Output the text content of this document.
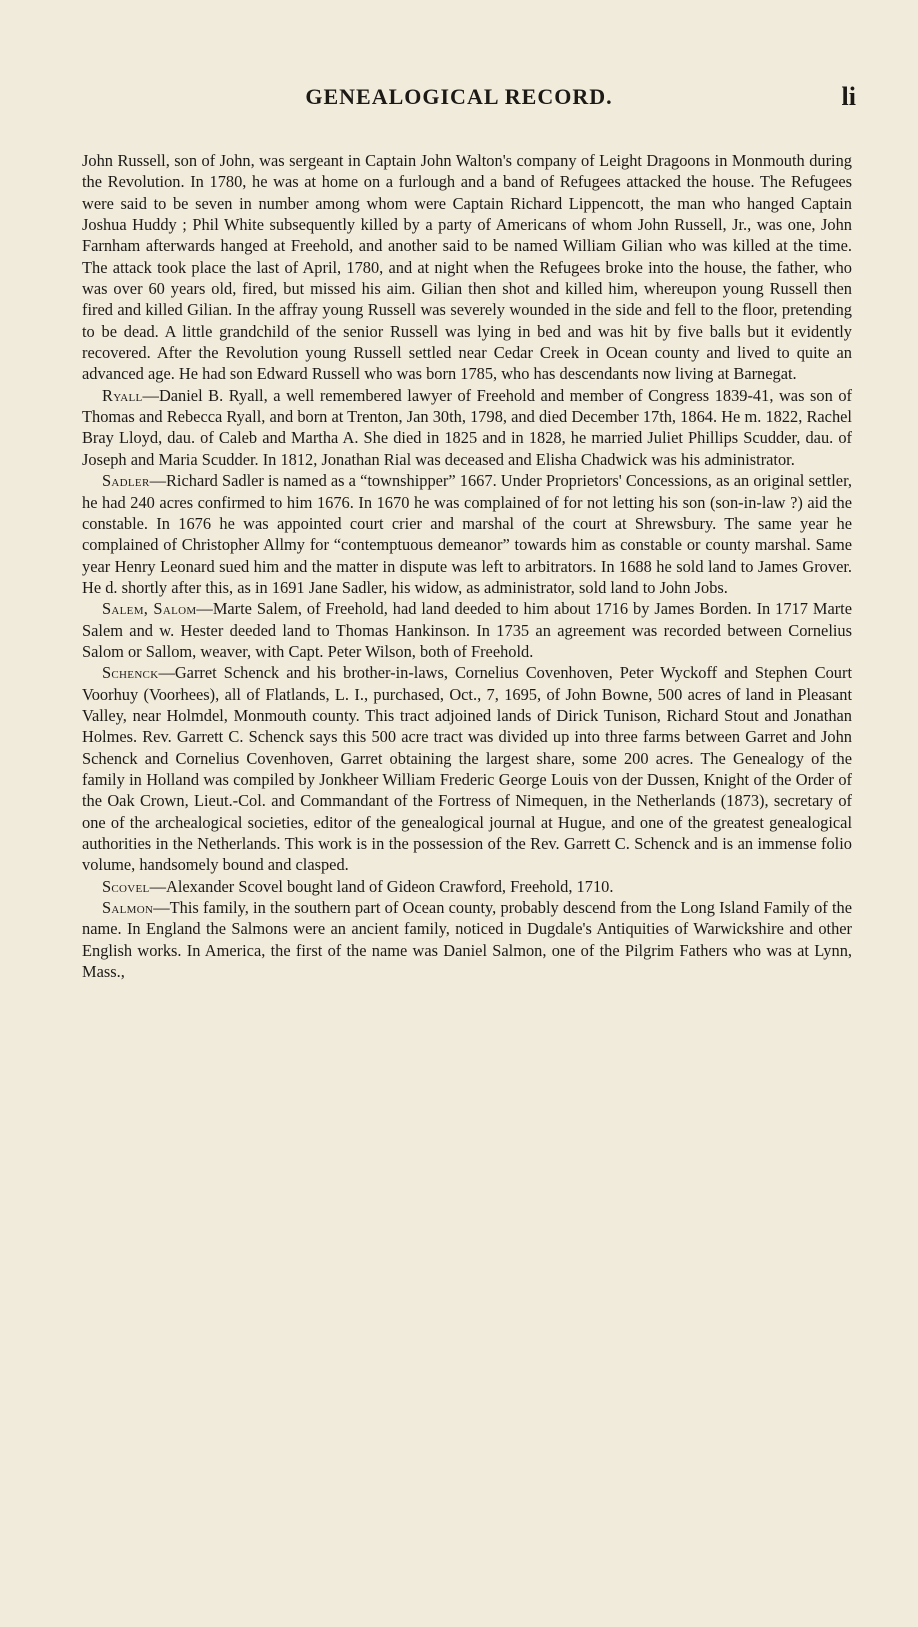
GENEALOGICAL RECORD.	li

John Russell, son of John, was sergeant in Captain John Walton's company of Leight Dragoons in Monmouth during the Revolution. In 1780, he was at home on a furlough and a band of Refugees attacked the house. The Refugees were said to be seven in number among whom were Captain Richard Lippencott, the man who hanged Captain Joshua Huddy ; Phil White subsequently killed by a party of Americans of whom John Russell, Jr., was one, John Farnham afterwards hanged at Freehold, and another said to be named William Gilian who was killed at the time. The attack took place the last of April, 1780, and at night when the Refugees broke into the house, the father, who was over 60 years old, fired, but missed his aim. Gilian then shot and killed him, whereupon young Russell then fired and killed Gilian. In the affray young Russell was severely wounded in the side and fell to the floor, pretending to be dead. A little grandchild of the senior Russell was lying in bed and was hit by five balls but it evidently recovered. After the Revolution young Russell settled near Cedar Creek in Ocean county and lived to quite an advanced age. He had son Edward Russell who was born 1785, who has descendants now living at Barnegat.

Ryall—Daniel B. Ryall, a well remembered lawyer of Freehold and member of Congress 1839-41, was son of Thomas and Rebecca Ryall, and born at Trenton, Jan 30th, 1798, and died December 17th, 1864. He m. 1822, Rachel Bray Lloyd, dau. of Caleb and Martha A. She died in 1825 and in 1828, he married Juliet Phillips Scudder, dau. of Joseph and Maria Scudder. In 1812, Jonathan Rial was deceased and Elisha Chadwick was his administrator.

Sadler—Richard Sadler is named as a “townshipper” 1667. Under Proprietors' Concessions, as an original settler, he had 240 acres confirmed to him 1676. In 1670 he was complained of for not letting his son (son-in-law ?) aid the constable. In 1676 he was appointed court crier and marshal of the court at Shrewsbury. The same year he complained of Christopher Allmy for “contemptuous demeanor” towards him as constable or county marshal. Same year Henry Leonard sued him and the matter in dispute was left to arbitrators. In 1688 he sold land to James Grover. He d. shortly after this, as in 1691 Jane Sadler, his widow, as administrator, sold land to John Jobs.

Salem, Salom—Marte Salem, of Freehold, had land deeded to him about 1716 by James Borden. In 1717 Marte Salem and w. Hester deeded land to Thomas Hankinson. In 1735 an agreement was recorded between Cornelius Salom or Sallom, weaver, with Capt. Peter Wilson, both of Freehold.

Schenck—Garret Schenck and his brother-in-laws, Cornelius Covenhoven, Peter Wyckoff and Stephen Court Voorhuy (Voorhees), all of Flatlands, L. I., purchased, Oct., 7, 1695, of John Bowne, 500 acres of land in Pleasant Valley, near Holmdel, Monmouth county. This tract adjoined lands of Dirick Tunison, Richard Stout and Jonathan Holmes. Rev. Garrett C. Schenck says this 500 acre tract was divided up into three farms between Garret and John Schenck and Cornelius Covenhoven, Garret obtaining the largest share, some 200 acres. The Genealogy of the family in Holland was compiled by Jonkheer William Frederic George Louis von der Dussen, Knight of the Order of the Oak Crown, Lieut.-Col. and Commandant of the Fortress of Nimequen, in the Netherlands (1873), secretary of one of the archealogical societies, editor of the genealogical journal at Hugue, and one of the greatest genealogical authorities in the Netherlands. This work is in the possession of the Rev. Garrett C. Schenck and is an immense folio volume, handsomely bound and clasped.

Scovel—Alexander Scovel bought land of Gideon Crawford, Freehold, 1710.

Salmon—This family, in the southern part of Ocean county, probably descend from the Long Island Family of the name. In England the Salmons were an ancient family, noticed in Dugdale's Antiquities of Warwickshire and other English works. In America, the first of the name was Daniel Salmon, one of the Pilgrim Fathers who was at Lynn, Mass.,
